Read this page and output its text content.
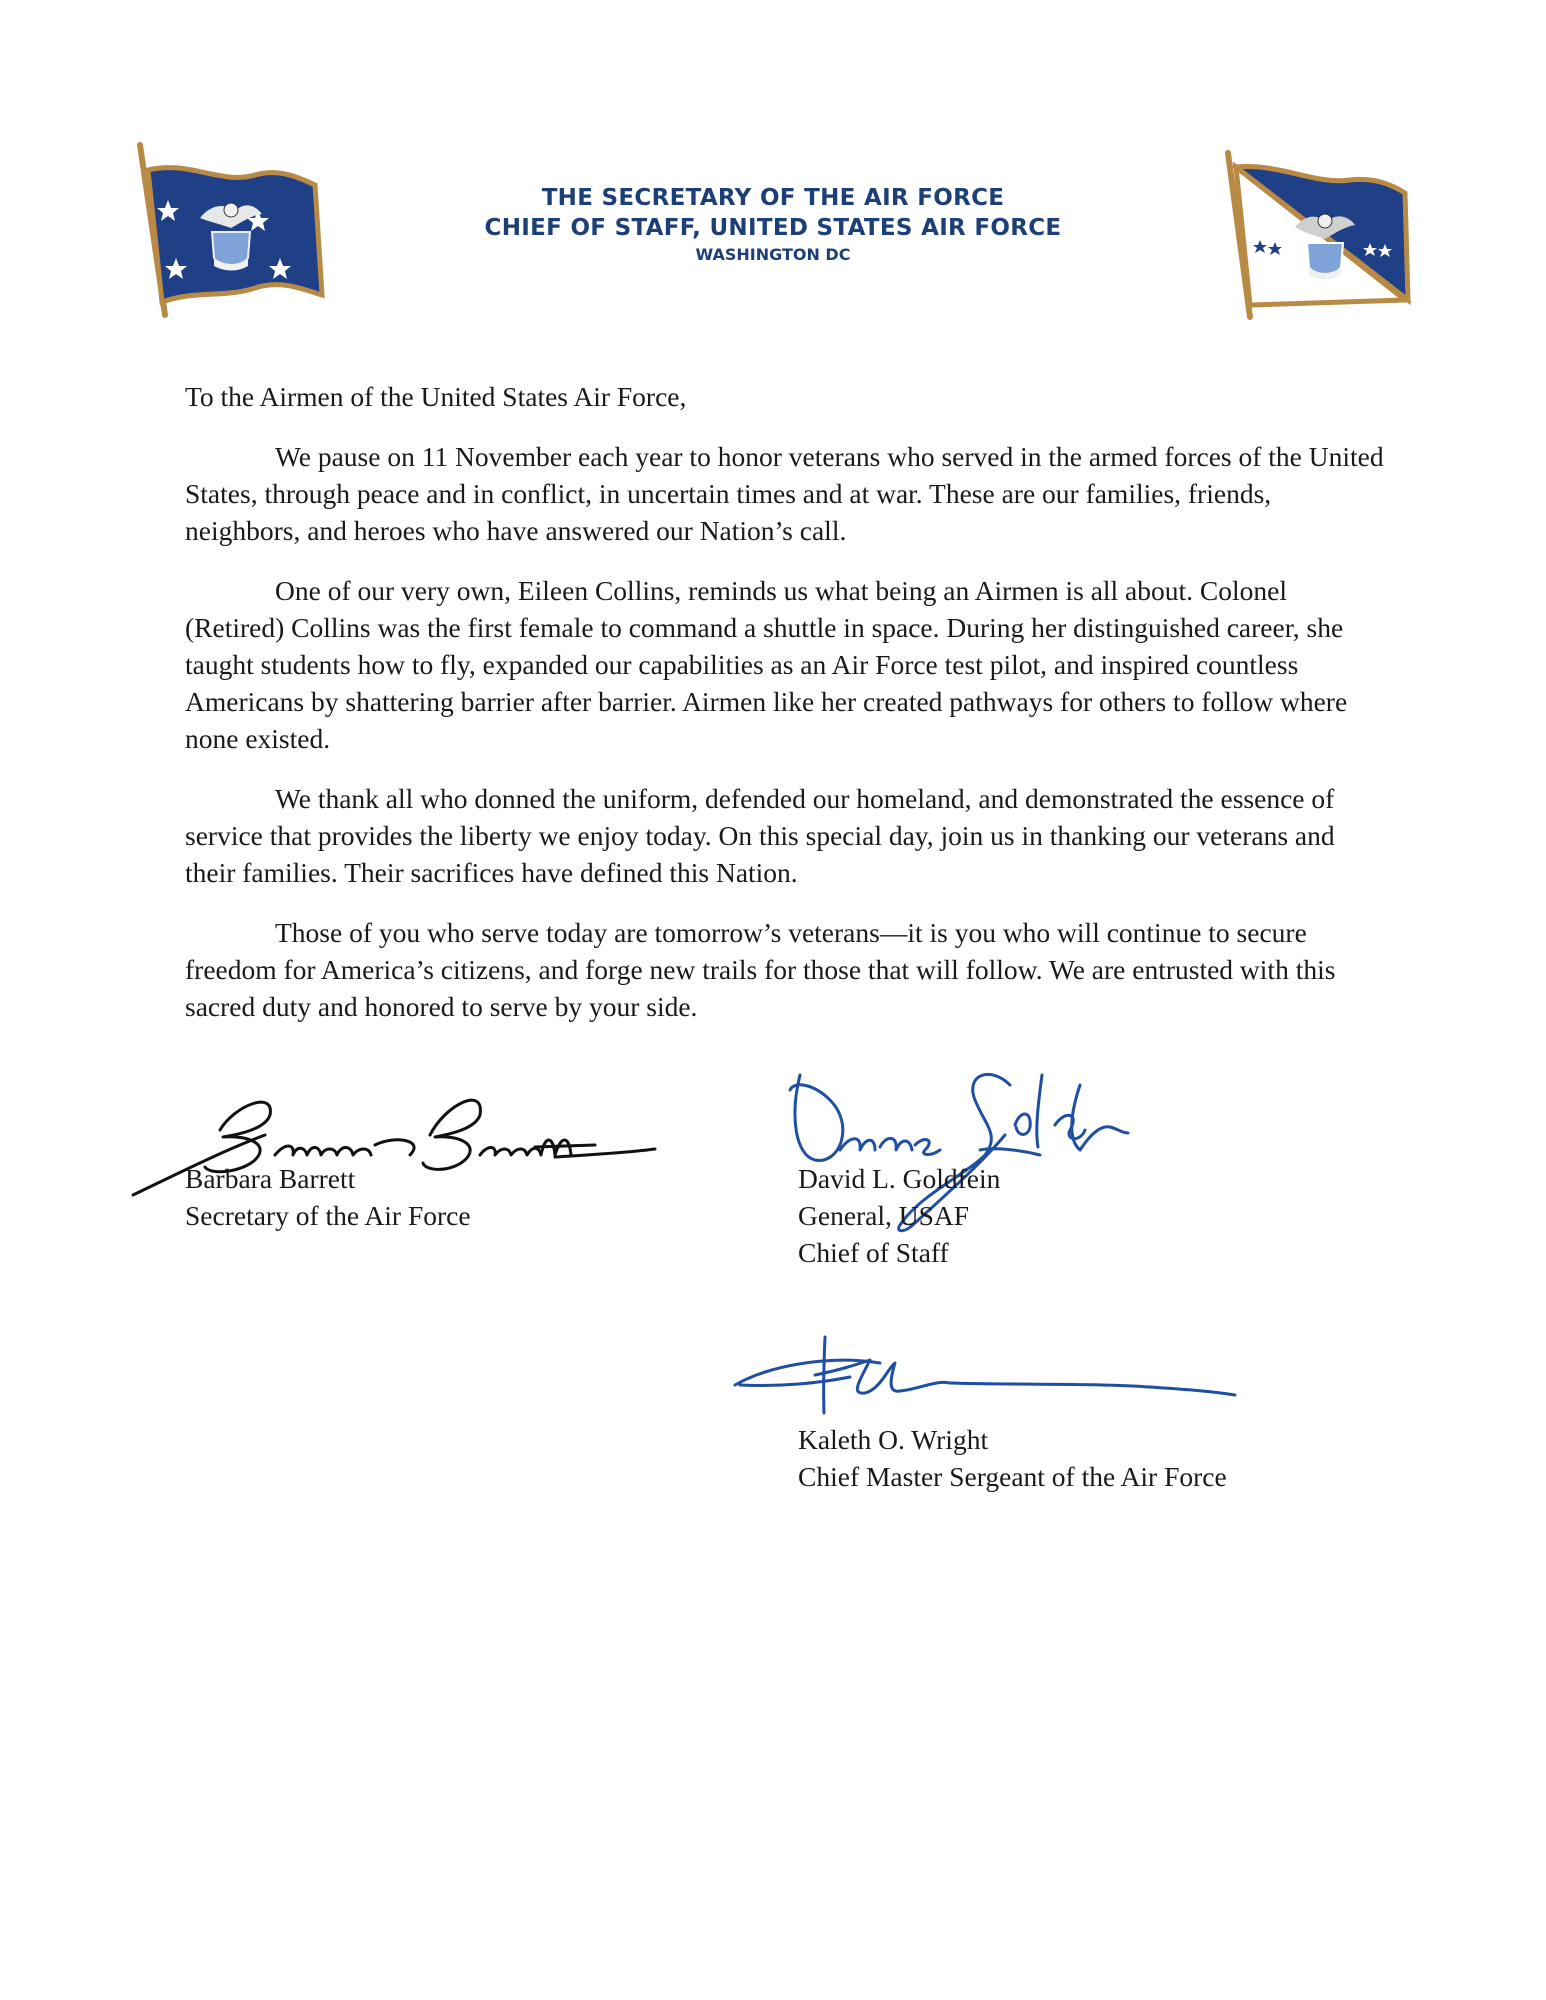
THE SECRETARY OF THE AIR FORCE
CHIEF OF STAFF, UNITED STATES AIR FORCE
WASHINGTON DC

To the Airmen of the United States Air Force,

We pause on 11 November each year to honor veterans who served in the armed forces of the United States, through peace and in conflict, in uncertain times and at war. These are our families, friends, neighbors, and heroes who have answered our Nation’s call.

One of our very own, Eileen Collins, reminds us what being an Airmen is all about. Colonel (Retired) Collins was the first female to command a shuttle in space. During her distinguished career, she taught students how to fly, expanded our capabilities as an Air Force test pilot, and inspired countless Americans by shattering barrier after barrier. Airmen like her created pathways for others to follow where none existed.

We thank all who donned the uniform, defended our homeland, and demonstrated the essence of service that provides the liberty we enjoy today. On this special day, join us in thanking our veterans and their families. Their sacrifices have defined this Nation.

Those of you who serve today are tomorrow’s veterans—it is you who will continue to secure freedom for America’s citizens, and forge new trails for those that will follow. We are entrusted with this sacred duty and honored to serve by your side.

Barbara Barrett
Secretary of the Air Force
David L. Goldfein
General, USAF
Chief of Staff
Kaleth O. Wright
Chief Master Sergeant of the Air Force
